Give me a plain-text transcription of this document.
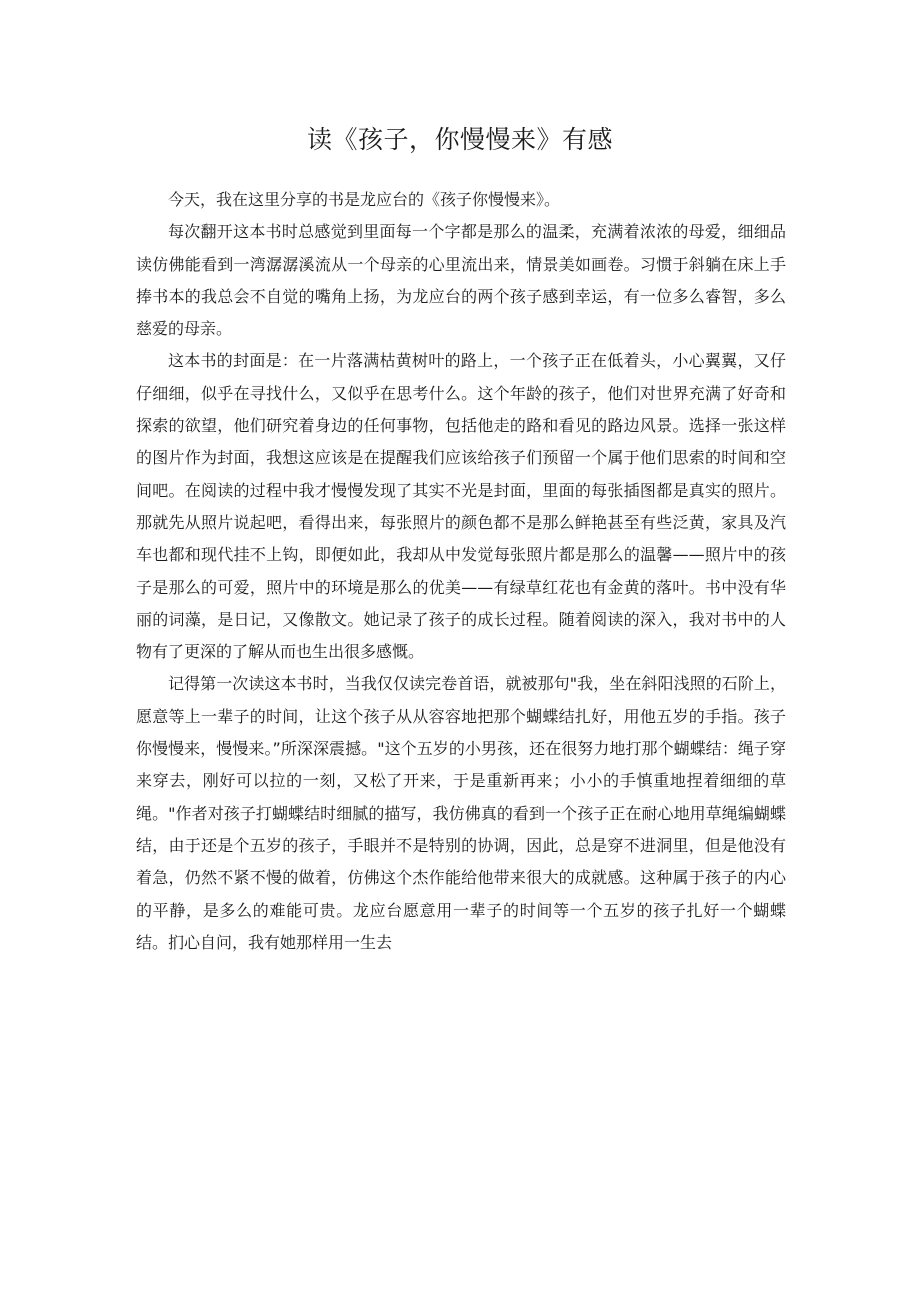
读《孩子，你慢慢来》有感

今天，我在这里分享的书是龙应台的《孩子你慢慢来》。

每次翻开这本书时总感觉到里面每一个字都是那么的温柔，充满着浓浓的母爱，细细品读仿佛能看到一湾潺潺溪流从一个母亲的心里流出来，情景美如画卷。习惯于斜躺在床上手捧书本的我总会不自觉的嘴角上扬，为龙应台的两个孩子感到幸运，有一位多么睿智，多么慈爱的母亲。

这本书的封面是：在一片落满枯黄树叶的路上，一个孩子正在低着头，小心翼翼，又仔仔细细，似乎在寻找什么，又似乎在思考什么。这个年龄的孩子，他们对世界充满了好奇和探索的欲望，他们研究着身边的任何事物，包括他走的路和看见的路边风景。选择一张这样的图片作为封面，我想这应该是在提醒我们应该给孩子们预留一个属于他们思索的时间和空间吧。在阅读的过程中我才慢慢发现了其实不光是封面，里面的每张插图都是真实的照片。那就先从照片说起吧，看得出来，每张照片的颜色都不是那么鲜艳甚至有些泛黄，家具及汽车也都和现代挂不上钩，即便如此，我却从中发觉每张照片都是那么的温馨——照片中的孩子是那么的可爱，照片中的环境是那么的优美——有绿草红花也有金黄的落叶。书中没有华丽的词藻，是日记，又像散文。她记录了孩子的成长过程。随着阅读的深入，我对书中的人物有了更深的了解从而也生出很多感慨。

记得第一次读这本书时，当我仅仅读完卷首语，就被那句"我，坐在斜阳浅照的石阶上，愿意等上一辈子的时间，让这个孩子从从容容地把那个蝴蝶结扎好，用他五岁的手指。孩子你慢慢来，慢慢来。”所深深震撼。"这个五岁的小男孩，还在很努力地打那个蝴蝶结：绳子穿来穿去，刚好可以拉的一刻，又松了开来，于是重新再来；小小的手慎重地捏着细细的草绳。"作者对孩子打蝴蝶结时细腻的描写，我仿佛真的看到一个孩子正在耐心地用草绳编蝴蝶结，由于还是个五岁的孩子，手眼并不是特别的协调，因此，总是穿不进洞里，但是他没有着急，仍然不紧不慢的做着，仿佛这个杰作能给他带来很大的成就感。这种属于孩子的内心的平静，是多么的难能可贵。龙应台愿意用一辈子的时间等一个五岁的孩子扎好一个蝴蝶结。扪心自问，我有她那样用一生去
